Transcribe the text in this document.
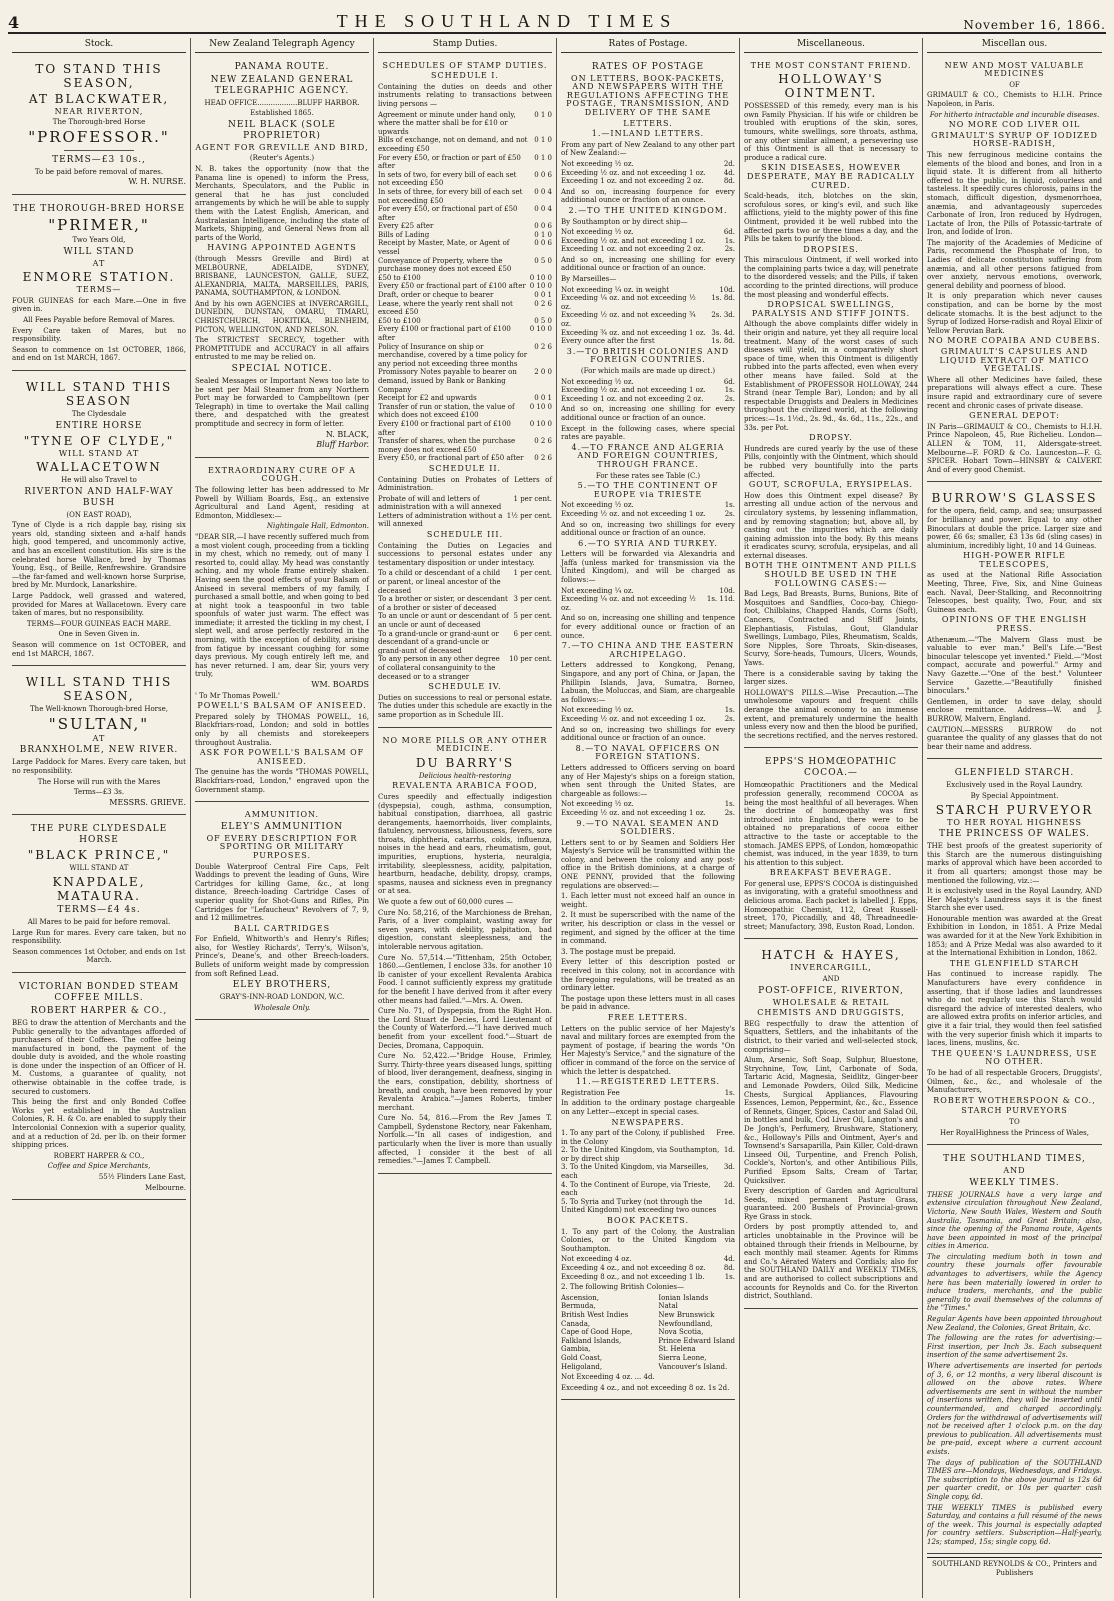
4	THE SOUTHLAND TIMES	November 16, 1866.
Stock.

TO STAND THIS SEASON,

AT BLACKWATER,

NEAR RIVERTON,

The Thorough-bred Horse

"PROFESSOR."

TERMS—£3 10s.,

To be paid before removal of mares.

W. H. NURSE.

THE THOROUGH-BRED HORSE

"PRIMER,"

Two Years Old,

WILL STAND

AT

ENMORE STATION.

TERMS—

FOUR GUINEAS for each Mare.—One in five given in.

All Fees Payable before Removal of Mares.

Every Care taken of Mares, but no responsibility.

Season to commence on 1st OCTOBER, 1866, and end on 1st MARCH, 1867.

WILL STAND THIS SEASON

The Clydesdale

ENTIRE HORSE

"TYNE OF CLYDE,"

WILL STAND AT

WALLACETOWN

He will also Travel to

RIVERTON AND HALF-WAY BUSH

(ON EAST ROAD),

Tyne of Clyde is a rich dapple bay, rising six years old, standing sixteen and a-half hands high, good tempered, and uncommonly active, and has an excellent constitution. His sire is the celebrated horse Wallace, bred by Thomas Young, Esq., of Beille, Renfrewshire. Grandsire—the far-famed and well-known horse Surprise, bred by Mr. Murdock, Lanarkshire.

Large Paddock, well grassed and watered, provided for Mares at Wallacetown. Every care taken of mares, but no responsibility.

TERMS—FOUR GUINEAS EACH MARE.

One in Seven Given in.

Season will commence on 1st OCTOBER, and end 1st MARCH, 1867.

WILL STAND THIS SEASON,

The Well-known Thorough-bred Horse,

"SULTAN,"

AT

BRANXHOLME, NEW RIVER.

Large Paddock for Mares. Every care taken, but no responsibility.

The Horse will run with the Mares

Terms—£3 3s.

MESSRS. GRIEVE.

THE PURE CLYDESDALE HORSE

"BLACK PRINCE,"

WILL STAND AT

KNAPDALE, MATAURA.

TERMS—£4 4s.

All Mares to be paid for before removal.

Large Run for mares. Every care taken, but no responsibility.

Season commences 1st October, and ends on 1st March.

VICTORIAN BONDED STEAM COFFEE MILLS.

ROBERT HARPER & CO.,

BEG to draw the attention of Merchants and the Public generally to the advantages afforded of purchasers of their Coffees. The coffee being manufactured in bond, the payment of the double duty is avoided, and the whole roasting is done under the inspection of an Officer of H. M. Customs, a guarantee of quality, not otherwise obtainable in the coffee trade, is secured to customers.

This being the first and only Bonded Coffee Works yet established in the Australian Colonies, R. H. & Co. are enabled to supply their Intercolonial Connexion with a superior quality, and at a reduction of 2d. per lb. on their former shipping prices.

ROBERT HARPER & CO.,

Coffee and Spice Merchants,

55½ Flinders Lane East,

Melbourne.

New Zealand Telegraph Agency

PANAMA ROUTE.

NEW ZEALAND GENERAL TELEGRAPHIC AGENCY.

HEAD OFFICE..................BLUFF HARBOR.

Established 1865.

NEIL BLACK (SOLE PROPRIETOR)

AGENT FOR GREVILLE AND BIRD,

(Reuter's Agents.)

N. B. takes the opportunity (now that the Panama line is opened) to inform the Press, Merchants, Speculators, and the Public in general that he has just concluded arrangements by which he will be able to supply them with the Latest English, American, and Australasian Intelligence, including the state of Markets, Shipping, and General News from all parts of the World,

HAVING APPOINTED AGENTS

(through Messrs Greville and Bird) at MELBOURNE, ADELAIDE, SYDNEY, BRISBANE, LAUNCESTON, GALLE, SUEZ, ALEXANDRIA, MALTA, MARSEILLES, PARIS, PANAMA, SOUTHAMPTON, & LONDON.

And by his own AGENCIES at INVERCARGILL, DUNEDIN, DUNSTAN, OMARU, TIMARU, CHRISTCHURCH, HOKITIKA, BLENHEIM, PICTON, WELLINGTON, AND NELSON.

The STRICTEST SECRECY, together with PROMPTITUDE and ACCURACY in all affairs entrusted to me may be relied on.

SPECIAL NOTICE.

Sealed Messages or Important News too late to be sent per Mail Steamer from any Northern Port may be forwarded to Campbelltown (per Telegraph) in time to overtake the Mail calling there, and despatched with the greatest promptitude and secrecy in form of letter.

N. BLACK,

Bluff Harbor.

EXTRAORDINARY CURE OF A COUGH.

The following letter has been addressed to Mr Powell by William Boards, Esq., an extensive Agricultural and Land Agent, residing at Edmonton, Middlesex:—

Nightingale Hall, Edmonton.

"DEAR SIR,—I have recently suffered much from a most violent cough, proceeding from a tickling in my chest, which no remedy, out of many I resorted to, could allay. My head was constantly aching, and my whole frame entirely shaken. Having seen the good effects of your Balsam of Aniseed in several members of my family, I purchased a small bottle, and when going to bed at night took a teaspoonful in two table spoonfuls of water just warm. The effect was immediate; it arrested the tickling in my chest, I slept well, and arose perfectly restored in the morning, with the exception of debility, arising from fatigue by incessant coughing for some days previous. My cough entirely left me, and has never returned. I am, dear Sir, yours very truly,

WM. BOARDS

' To Mr Thomas Powell.'

POWELL'S BALSAM OF ANISEED.

Prepared solely by THOMAS POWELL, 16, Blackfriars-road, London; and sold in bottles only by all chemists and storekeepers throughout Australia.

ASK FOR POWELL'S BALSAM OF ANISEED.

The genuine has the words "THOMAS POWELL, Blackfriars-road, London," engraved upon the Government stamp.

AMMUNITION.

ELEY'S AMMUNITION

OF EVERY DESCRIPTION FOR SPORTING OR MILITARY PURPOSES.

Double Waterproof Central Fire Caps, Felt Waddings to prevent the leading of Guns, Wire Cartridges for killing Game, &c., at long distance, Breech-loading Cartridge Cases of superior quality for Shot-Guns and Rifles, Pin Cartridges for "Lefaucheux" Revolvers of 7, 9, and 12 millimetres.

BALL CARTRIDGES

For Enfield, Whitworth's and Henry's Rifles; also, for Westley Richards', Terry's, Wilson's, Prince's, Deane's, and other Breech-loaders. Bullets of uniform weight made by compression from soft Refined Lead.

ELEY BROTHERS,

GRAY'S-INN-ROAD LONDON, W.C.

Wholesale Only.

Stamp Duties.

SCHEDULES OF STAMP DUTIES.

SCHEDULE I.

Containing the duties on deeds and other instruments relating to transactions between living persons —

Agreement or minute under hand only, where the matter shall be for £10 or upwards
0 1 0
Bills of exchange, not on demand, and not exceeding £50
0 1 0
For every £50, or fraction or part of £50 after
0 1 0
In sets of two, for every bill of each set not exceeding £50
0 0 6
In sets of three, for every bill of each set not exceeding £50
0 0 4
For every £50, or fractional part of £50 after
0 0 4
Every £25 after	0 0 6
Bills of Lading	0 1 0
Receipt by Master, Mate, or Agent of vessel
0 0 6
Conveyance of Property, where the purchase money does not exceed £50
0 5 0
£50 to £100	0 10 0
Every £50 or fractional part of £100 after 0 10 0
Draft, order or cheque to bearer	0 0 1
Lease, where the yearly rent shall not exceed £50
0 2 6
£50 to £100	0 5 0
Every £100 or fractional part of £100 after
0 10 0
Policy of Insurance on ship or merchandise, covered by a time policy for any period not exceeding three months
0 2 6
Promissory Notes payable to bearer on demand, issued by Bank or Banking Company
2 0 0
Receipt for £2 and upwards	0 0 1
Transfer of run or station, the value of which does not exceed £100
0 10 0
Every £100 or fractional part of £100 after
0 10 0
Transfer of shares, when the purchase money does not exceed £50
0 2 6
Every £50, or fractional part of £50 after	0 2 6

SCHEDULE II.

Containing Duties on Probates of Letters of Administration.

Probate of will and letters of administration with a will annexed
1 per cent.
Letters of administration without a will annexed
1½ per cent.

SCHEDULE III.

Containing the Duties on Legacies and successions to personal estates under any testamentary disposition or under intestacy.

To a child or descendant of a child or parent, or lineal ancestor of the deceased
1 per cent.
To a brother or sister, or descendant of a brother or sister of deceased
3 per cent.
To an uncle or aunt or descendant of an uncle or aunt of deceased
5 per cent.
To a grand-uncle or grand-aunt or descendant of a grand-uncle or grand-aunt of deceased
6 per cent.
To any person in any other degree of collateral consanguinity to the deceased or to a stranger
10 per cent.

SCHEDULE IV.

Duties on successions to real or personal estate. The duties under this schedule are exactly in the same proportion as in Schedule III.

NO MORE PILLS OR ANY OTHER MEDICINE.

DU BARRY'S

Delicious health-restoring

REVALENTA ARABICA FOOD,

Cures speedily and effectually indigestion (dyspepsia), cough, asthma, consumption, habitual constipation, diarrhoea, all gastric derangements, haemorrhoids, liver complaints, flatulency, nervousness, biliousness, fevers, sore throats, diphtheria, catarrhs, colds, influenza, noises in the head and ears, rheumatism, gout, impurities, eruptions, hysteria, neuralgia, irritability, sleeplessness, acidity, palpitation, heartburn, headache, debility, dropsy, cramps, spasms, nausea and sickness even in pregnancy or at sea.

We quote a few out of 60,000 cures —

Cure No. 58,216, of the Marchioness de Brehan, Paris, of a liver complaint, wasting away for seven years, with debility, palpitation, bad digestion, constant sleeplessness, and the intolerable nervous agitation.

Cure No. 57,514.—"Tittenham, 25th October, 1860.—Gentlemen, I enclose 33s. for another 10 lb canister of your excellent Revalenta Arabica Food. I cannot sufficiently express my gratitude for the benefit I have derived from it after every other means had failed."—Mrs. A. Owen.

Cure No. 71, of Dyspepsia, from the Right Hon. the Lord Stuart de Decies, Lord Lieutenant of the County of Waterford.—"I have derived much benefit from your excellent food."—Stuart de Decies, Dromana, Cappoquin.

Cure No. 52,422.—"Bridge House, Frimley, Surry. Thirty-three years diseased lungs, spitting of blood, liver derangement, deafness, singing in the ears, constipation, debility, shortness of breath, and cough, have been removed by your Revalenta Arabica."—James Roberts, timber merchant.

Cure No. 54, 816.—From the Rev James T. Campbell, Sydenstone Rectory, near Fakenham, Norfolk.—"In all cases of indigestion, and particularly when the liver is more than usually affected, I consider it the best of all remedies."—James T. Campbell.

Rates of Postage.

RATES OF POSTAGE

ON LETTERS, BOOK-PACKETS, AND NEWSPAPERS WITH THE REGULATIONS AFFECTING THE POSTAGE, TRANSMISSION, AND DELIVERY OF THE SAME

LETTERS.

1.—INLAND LETTERS.

From any part of New Zealand to any other part of New Zealand:—

Not exceeding ½ oz.	2d.
Exceeding ½ oz. and not exceeding 1 oz.	4d.
Exceeding 1 oz. and not exceeding 2 oz.	8d.

And so on, increasing fourpence for every additional ounce or fraction of an ounce.

2.—TO THE UNITED KINGDOM.

By Southampton or by direct ship—

Not exceeding ½ oz.	6d.
Exceeding ½ oz. and not exceeding 1 oz.	1s.
Exceeding 1 oz. and not exceeding 2 oz.	2s.

And so on, increasing one shilling for every additional ounce or fraction of an ounce.

By Marseilles—

Not exceeding ¼ oz. in weight	10d.
Exceeding ¼ oz. and not exceeding ½ oz.
1s. 8d.
Exceeding ½ oz. and not exceeding ¾ oz.
2s. 3d.
Exceeding ¾ oz. and not exceeding 1 oz. 3s. 4d.
Every ounce after the first	1s. 8d.

3.—TO BRITISH COLONIES AND FOREIGN COUNTRIES.

(For which mails are made up direct.)

Not exceeding ½ oz.	6d.
Exceeding ½ oz. and not exceeding 1 oz.	1s.
Exceeding 1 oz. and not exceeding 2 oz.	2s.

And so on, increasing one shilling for every additional ounce or fraction of an ounce.

Except in the following cases, where special rates are payable.

4.—TO FRANCE AND ALGERIA AND FOREIGN COUNTRIES, THROUGH FRANCE.

For these rates see Table (C.)

5.—TO THE CONTINENT OF EUROPE via TRIESTE

Not exceeding ½ oz.	1s.
Exceeding ½ oz. and not exceeding 1 oz.	2s.

And so on, increasing two shillings for every additional ounce or fraction of an ounce.

6.—TO SYRIA AND TURKEY.

Letters will be forwarded via Alexandria and Jaffa (unless marked for transmission via the United Kingdom), and will be charged as follows:—

Not exceeding ¼ oz.	10d.
Exceeding ¼ oz. and not exceeding ½ oz.
1s. 11d.

And so on, increasing one shilling and tenpence for every additional ounce or fraction of an ounce.

7.—TO CHINA AND THE EASTERN ARCHIPELAGO.

Letters addressed to Kongkong, Penang, Singapore, and any port of China, or Japan, the Phillipin Islands, Java, Sumatra, Borneo, Labuan, the Moluccas, and Siam, are chargeable as follows:—

Not exceeding ½ oz.	1s.
Exceeding ½ oz. and not exceeding 1 oz.	2s.

And so on, increasing two shillings for every additional ounce or fraction of an ounce.

8.—TO NAVAL OFFICERS ON FOREIGN STATIONS.

Letters addressed to Officers serving on board any of Her Majesty's ships on a foreign station, when sent through the United States, are chargeable as follows:—

Not exceeding ½ oz.	1s.
Exceeding ½ oz. and not exceeding 1 oz.	2s.

9.—TO NAVAL SEAMEN AND SOLDIERS.

Letters sent to or by Seamen and Soldiers Her Majesty's Service will be transmitted within the colony, and between the colony and any post-office in the British dominions, at a charge of ONE PENNY, provided that the following regulations are observed:—

1. Each letter must not exceed half an ounce in weight.

2. It must be superscribed with the name of the writer, his description or class in the vessel or regiment, and signed by the officer at the time in command.

3. The postage must be prepaid.

Every letter of this description posted or received in this colony, not in accordance with the foregoing regulations, will be treated as an ordinary letter.

The postage upon these letters must in all cases be paid in advance.

FREE LETTERS.

Letters on the public service of her Majesty's naval and military forces are exempted from the payment of postage, if bearing the words "On Her Majesty's Service," and the signature of the officer in command of the force on the service of which the letter is despatched.

11.—REGISTERED LETTERS.

Registration Fee	1s.

In addition to the ordinary postage chargeable on any Letter—except in special cases.

NEWSPAPERS.

1. To any part of the Colony, if published in the Colony
Free.
2. To the United Kingdom, via Southampton, or by direct ship
1d.
3. To the United Kingdom, via Marseilles, each
3d.
4. To the Continent of Europe, via Trieste, each
2d.
5. To Syria and Turkey (not through the United Kingdom) not exceeding two ounces
1d.

BOOK PACKETS.

1. To any part of the Colony, the Australian Colonies, or to the United Kingdom via Southampton.

Not exceeding 4 oz.	4d.
Exceeding 4 oz., and not exceeding 8 oz.	8d.
Exceeding 8 oz., and not exceeding 1 lb.	1s.

2. The following British Colonies—

Ascension,
Bermuda,
British West Indies
Canada,
Cape of Good Hope,
Falkland Islands,
Gambia,
Gold Coast,
Heligoland,
Ionian Islands
Natal
New Brunswick
Newfoundland,
Nova Scotia,
Prince Edward Island
St. Helena
Sierra Leone,
Vancouver's Island.

Not Exceeding 4 oz. ... 4d.

Exceeding 4 oz., and not exceeding 8 oz. 1s 2d.

Miscellaneous.

THE MOST CONSTANT FRIEND.

HOLLOWAY'S OINTMENT.

POSSESSED of this remedy, every man is his own Family Physician. If his wife or children be troubled with eruptions of the skin, sores, tumours, white swellings, sore throats, asthma, or any other similar ailment, a persevering use of this Ointment is all that is necessary to produce a radical cure.

SKIN DISEASES, HOWEVER DESPERATE, MAY BE RADICALLY CURED.

Scald-heads, itch, blotches on the skin, scrofulous sores, or king's evil, and such like afflictions, yield to the mighty power of this fine Ointment, provided it be well rubbed into the affected parts two or three times a day, and the Pills be taken to purify the blood.

DROPSIES.

This miraculous Ointment, if well worked into the complaining parts twice a day, will penetrate to the disordered vessels; and the Pills, if taken according to the printed directions, will produce the most pleasing and wonderful effects.

DROPSICAL SWELLINGS, PARALYSIS AND STIFF JOINTS.

Although the above complaints differ widely in their origin and nature, yet they all require local treatment. Many of the worst cases of such diseases will yield, in a comparatively short space of time, when this Ointment is diligently rubbed into the parts affected, even when every other means have failed. Sold at the Establishment of PROFESSOR HOLLOWAY, 244 Strand (near Temple Bar), London; and by all respectable Druggists and Dealers in Medicines throughout the civilized world, at the following prices:—1s. 1½d., 2s. 9d., 4s. 6d., 11s., 22s., and 33s. per Pot.

DROPSY.

Hundreds are cured yearly by the use of these Pills, conjointly with the Ointment, which should be rubbed very bountifully into the parts affected.

GOUT, SCROFULA, ERYSIPELAS.

How does this Ointment expel disease? By arresting all undue action of the nervous and circulatory systems, by lessening inflammation, and by removing stagnation; but, above all, by casting out the impurities which are daily gaining admission into the body. By this means it eradicates scurvy, scrofula, erysipelas, and all external diseases.

BOTH THE OINTMENT AND PILLS SHOULD BE USED IN THE FOLLOWING CASES:—

Bad Legs, Bad Breasts, Burns, Bunions, Bite of Mosquitoes and Sandflies, Coco-bay, Chiego-foot, Chilblains, Chapped Hands, Corns (Soft), Cancers, Contracted and Stiff Joints, Elephantiasis, Fistulas, Gout, Glandular Swellings, Lumbago, Piles, Rheumatism, Scalds, Sore Nipples, Sore Throats, Skin-diseases, Scurvy, Sore-heads, Tumours, Ulcers, Wounds, Yaws.

There is a considerable saving by taking the larger sizes.

HOLLOWAY'S PILLS.—Wise Precaution.—The unwholesome vapours and frequent chills derange the animal economy to an immense extent, and prematurely undermine the health unless every now and then the blood be purified, the secretions rectified, and the nerves restored.

EPPS'S HOMŒOPATHIC COCOA.—

Homœopathic Practitioners and the Medical profession generally, recommend COCOA as being the most healthful of all beverages. When the doctrine of homœopathy was first introduced into England, there were to be obtained no preparations of cocoa either attractive to the taste or acceptable to the stomach. JAMES EPPS, of London, homœopathic chemist, was induced, in the year 1839, to turn his attention to this subject.

BREAKFAST BEVERAGE.

For general use, EPPS'S COCOA is distinguished as invigorating, with a grateful smoothness and delicious aroma. Each packet is labelled J. Epps, Homœopathic Chemist, 112, Great Russell-street, 170, Piccadilly, and 48, Threadneedle-street; Manufactory, 398, Euston Road, London.

HATCH & HAYES,

INVERCARGILL,

AND

POST-OFFICE, RIVERTON,

WHOLESALE & RETAIL

CHEMISTS AND DRUGGISTS,

BEG respectfully to draw the attention of Squatters, Settlers, and the inhabitants of the district, to their varied and well-selected stock, comprising—

Alum, Arsenic, Soft Soap, Sulphur, Bluestone, Strychnine, Tow, Lint, Carbonate of Soda, Tartaric Acid, Magnesia, Seidlitz, Ginger-beer and Lemonade Powders, Oilcd Silk, Medicine Chests, Surgical Appliances, Flavouring Essences, Lemon, Peppermint, &c., &c., Essence of Rennets, Ginger, Spices, Castor and Salad Oil, in bottles and bulk, Cod Liver Oil, Langton's and De Jongh's, Perfumery, Brushware, Stationery, &c., Holloway's Pills and Ointment, Ayer's and Townsend's Sarsaparilla, Pain Killer, Cold-drawn Linseed Oil, Turpentine, and French Polish, Cockle's, Norton's, and other Antibilious Pills, Purified Epsom Salts, Cream of Tartar, Quicksilver.

Every description of Garden and Agricultural Seeds, mixed permanent Pasture Grass, guaranteed. 200 Bushels of Provincial-grown Rye Grass in stock.

Orders by post promptly attended to, and articles unobtainable in the Province will be obtained through their friends in Melbourne, by each monthly mail steamer. Agents for Rimms and Co.'s Aërated Waters and Cordials; also for the SOUTHLAND DAILY and WEEKLY TIMES, and are authorised to collect subscriptions and accounts for Reynolds and Co. for the Riverton district, Southland.

Miscellan ous.

NEW AND MOST VALUABLE MEDICINES

OF

GRIMAULT & CO., Chemists to H.I.H. Prince Napoleon, in Paris.

For hitherto intractable and incurable diseases.

NO MORE COD LIVER OIL

GRIMAULT'S SYRUP OF IODIZED HORSE-RADISH,

This new ferruginous medicine contains the elements of the blood and bones, and Iron in a liquid state. It is different from all hitherto offered to the public, in liquid, colourless and tasteless. It speedily cures chlorosis, pains in the stomach, difficult digestion, dysmenorrhoea, anæmia, and advantageously supercedes Carbonate of Iron, Iron reduced by Hydrogen, Lactate of Iron, the Pills of Potassic-tartrate of Iron, and Iodide of Iron.

The majority of the Academies of Medicine of Paris, recommend the Phosphate of Iron, to Ladies of delicate constitution suffering from anæmia, and all other persons fatigued from over anxiety, nervous emotions, overwork, general debility and poorness of blood.

It is only preparation which never causes constipation, and can be borne by the most delicate stomachs. It is the best adjunct to the Syrup of Iodized Horse-radish and Royal Elixir of Yellow Peruvian Bark.

NO MORE COPAIBA AND CUBEBS.

GRIMAULT'S CAPSULES AND LIQUID EXTRACT OF MATICO VEGETALIS.

Where all other Medicines have failed, these preparations will always effect a cure. These insure rapid and extraordinary cure of severe recent and chronic cases of private disease.

GENERAL DEPOT:

IN Paris—GRIMAULT & CO., Chemists to H.I.H. Prince Napoleon, 45, Rue Richelieu. London—ALLEN & TOM, 11, Aldersgate-street. Melbourne—F. FORD & Co. Launceston—F. G. SPICER. Hobart Town—HINSBY & CALVERT. And of every good Chemist.

BURROW'S GLASSES

for the opera, field, camp, and sea; unsurpassed for brilliancy and power. Equal to any other Binoculars at double the price. Larger size and power, £6 6s; smaller, £3 13s 6d (sling cases) in aluminium, incredibly light, 10 and 14 Guineas.

HIGH-POWER RIFLE TELESCOPES,

as used at the National Rifle Association Meeting, Three, Five, Six, and Nine Guineas each. Naval, Deer-Stalking, and Reconnoitring Telescopes, best quality, Two, Four, and six Guineas each.

OPINIONS OF THE ENGLISH PRESS.

Athenæum.—"The Malvern Glass must be valuable to ever man." Bell's Life.—"Best binocular telescope yet invented." Field.—"Most compact, accurate and powerful." Army and Navy Gazette.—"One of the best." Volunteer Service Gazette.—"Beautifully finished binoculars."

Gentlemen, in order to save delay, should enclose remittance. Address—W. and J. BURROW, Malvern, England.

CAUTION.—MESSRS BURROW do not guarantee the quality of any glasses that do not bear their name and address.

GLENFIELD STARCH.

Exclusively used in the Royal Laundry.

By Special Appointment.

STARCH PURVEYOR

TO HER ROYAL HIGHNESS

THE PRINCESS OF WALES.

THE best proofs of the greatest superiority of this Starch are the numerous distinguishing marks of approval which have been accorded to it from all quarters; amongst those may be mentioned the following, viz.:—

It is exclusively used in the Royal Laundry, AND Her Majesty's Laundress says it is the finest Starch she ever used.

Honourable mention was awarded at the Great Exhibition in London, in 1851. A Prize Medal was awarded for it at the New York Exhibition in 1853; and A Prize Medal was also awarded to it at the International Exhibition in London, 1862.

THE GLENFIELD STARCH

Has continued to increase rapidly. The Manufacturers have every confidence in asserting, that if those ladies and laundresses who do not regularly use this Starch would disregard the advice of interested dealers, who are allowed extra profits on inferior articles, and give it a fair trial, they would then feel satisfied with the very superior finish which it imparts to laces, linens, muslins, &c.

THE QUEEN'S LAUNDRESS, USE NO OTHER.

To be had of all respectable Grocers, Druggists', Oilmen, &c., &c., and wholesale of the Manufacturers,

ROBERT WOTHERSPOON & CO.,

STARCH PURVEYORS

TO

Her RoyalHighness the Princess of Wales,

THE SOUTHLAND TIMES,

AND

WEEKLY TIMES.

THESE JOURNALS have a very large and extensive circulation throughout New Zealand, Victoria, New South Wales, Western and South Australia, Tasmania, and Great Britain; also, since the opening of the Panama route, Agents have been appointed in most of the principal cities in America.

The circulating medium both in town and country these journals offer favourable advantages to advertisers, while the Agency here has been materially lowered in order to induce traders, merchants, and the public generally to avail themselves of the columns of the "Times."

Regular Agents have been appointed throughout New Zealand, the Colonies, Great Britain, &c.

The following are the rates for advertising:— First insertion, per Inch 3s. Each subsequent insertion of the same advertisement 2s.

Where advertisements are inserted for periods of 3, 6, or 12 months, a very liberal discount is allowed on the above rates. Where advertisements are sent in without the number of insertions written, they will be inserted until countermanded, and charged accordingly. Orders for the withdrawal of advertisements will not be received after 1 o'clock p.m. on the day previous to publication. All advertisements must be pre-paid, except where a current account exists.

The days of publication of the SOUTHLAND TIMES are—Mondays, Wednesdays, and Fridays. The subscription to the above journal is 12s 6d per quarter credit, or 10s per quarter cash Single copy, 6d.

THE WEEKLY TIMES is published every Saturday, and contains a full résumé of the news of the week. This journal is especially adapted for country settlers. Subscription—Half-yearly, 12s; stamped, 15s; single copy, 6d.

SOUTHLAND REYNOLDS & CO., Printers and Publishers
